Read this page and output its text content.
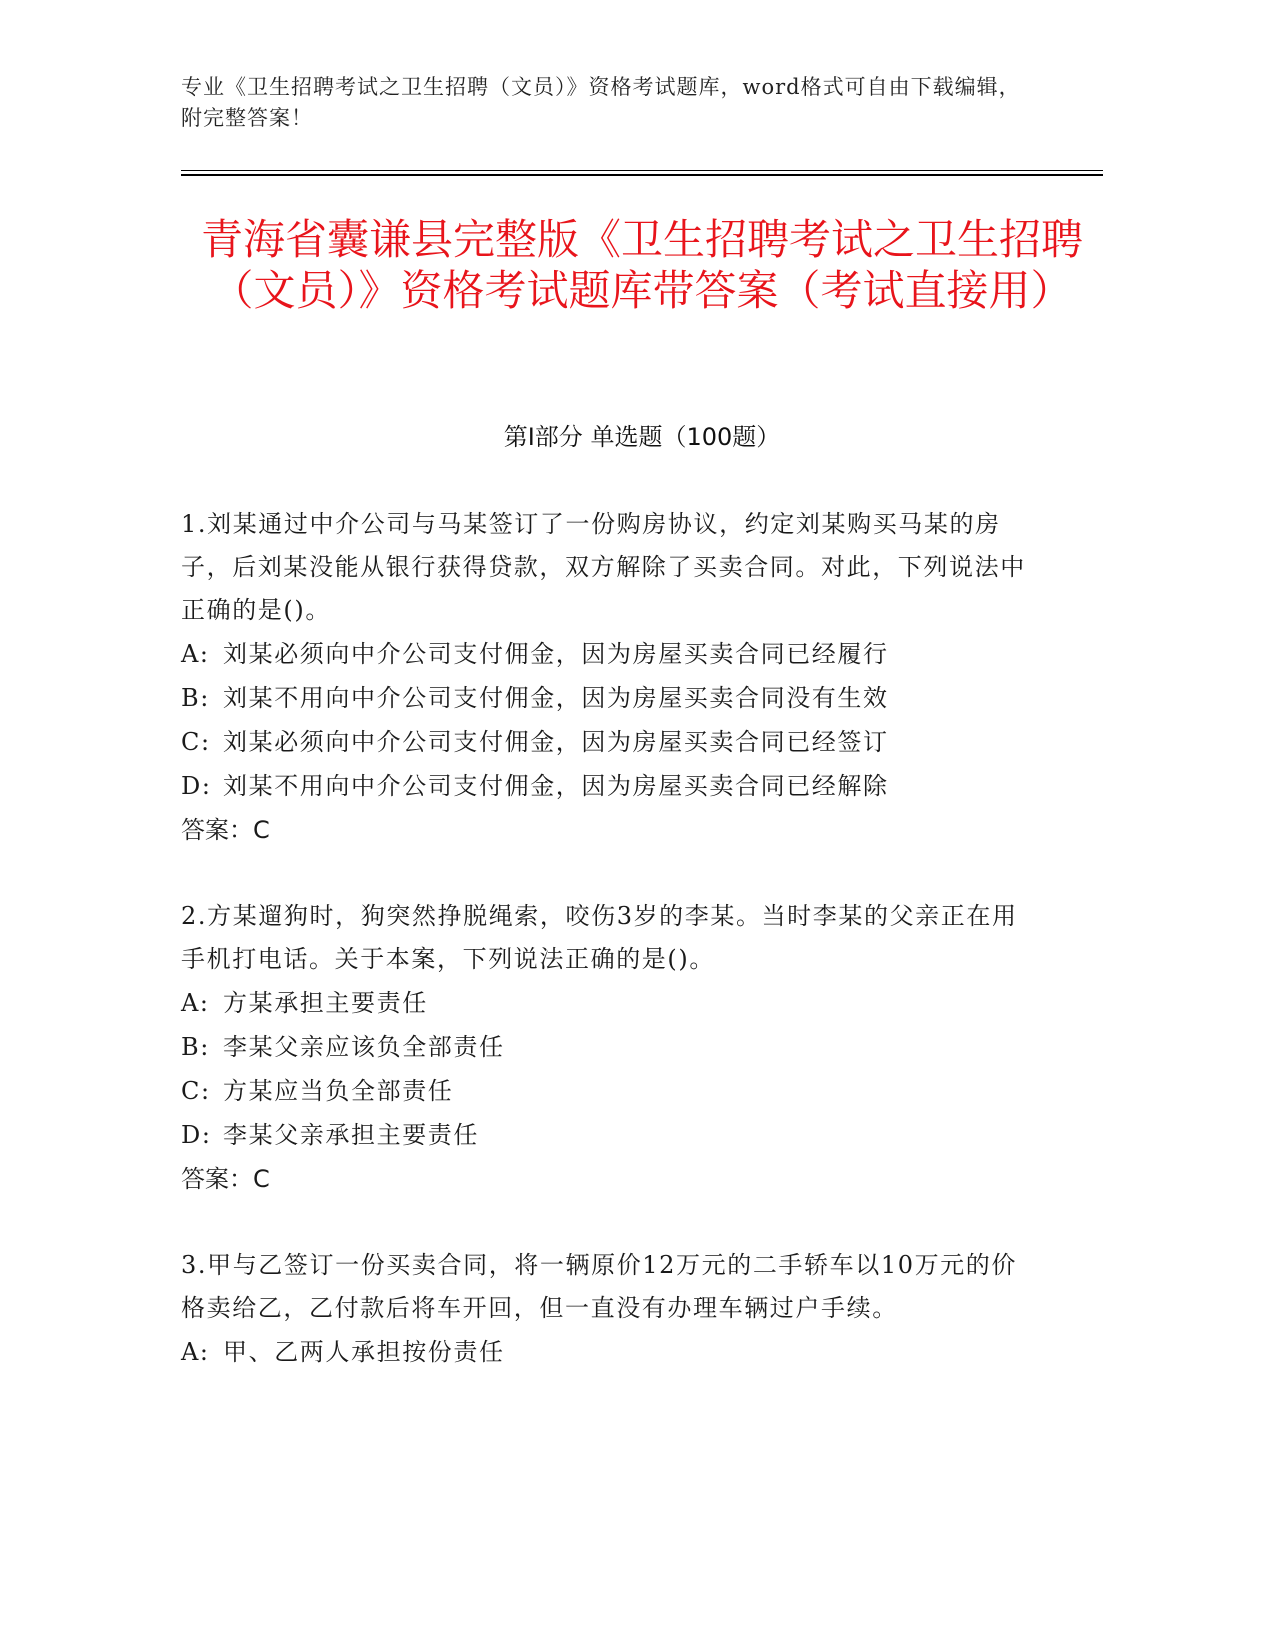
专业《卫生招聘考试之卫生招聘（文员）》资格考试题库，word格式可自由下载编辑，附完整答案！
青海省囊谦县完整版《卫生招聘考试之卫生招聘（文员）》资格考试题库带答案（考试直接用）
第Ⅰ部分 单选题（100题）

1.刘某通过中介公司与马某签订了一份购房协议，约定刘某购买马某的房子，后刘某没能从银行获得贷款，双方解除了买卖合同。对此，下列说法中正确的是()。

A: 刘某必须向中介公司支付佣金，因为房屋买卖合同已经履行

B: 刘某不用向中介公司支付佣金，因为房屋买卖合同没有生效

C: 刘某必须向中介公司支付佣金，因为房屋买卖合同已经签订

D: 刘某不用向中介公司支付佣金，因为房屋买卖合同已经解除

答案：C

2.方某遛狗时，狗突然挣脱绳索，咬伤3岁的李某。当时李某的父亲正在用手机打电话。关于本案，下列说法正确的是()。

A: 方某承担主要责任

B: 李某父亲应该负全部责任

C: 方某应当负全部责任

D: 李某父亲承担主要责任

答案：C

3.甲与乙签订一份买卖合同，将一辆原价12万元的二手轿车以10万元的价格卖给乙，乙付款后将车开回，但一直没有办理车辆过户手续。

A: 甲、乙两人承担按份责任
